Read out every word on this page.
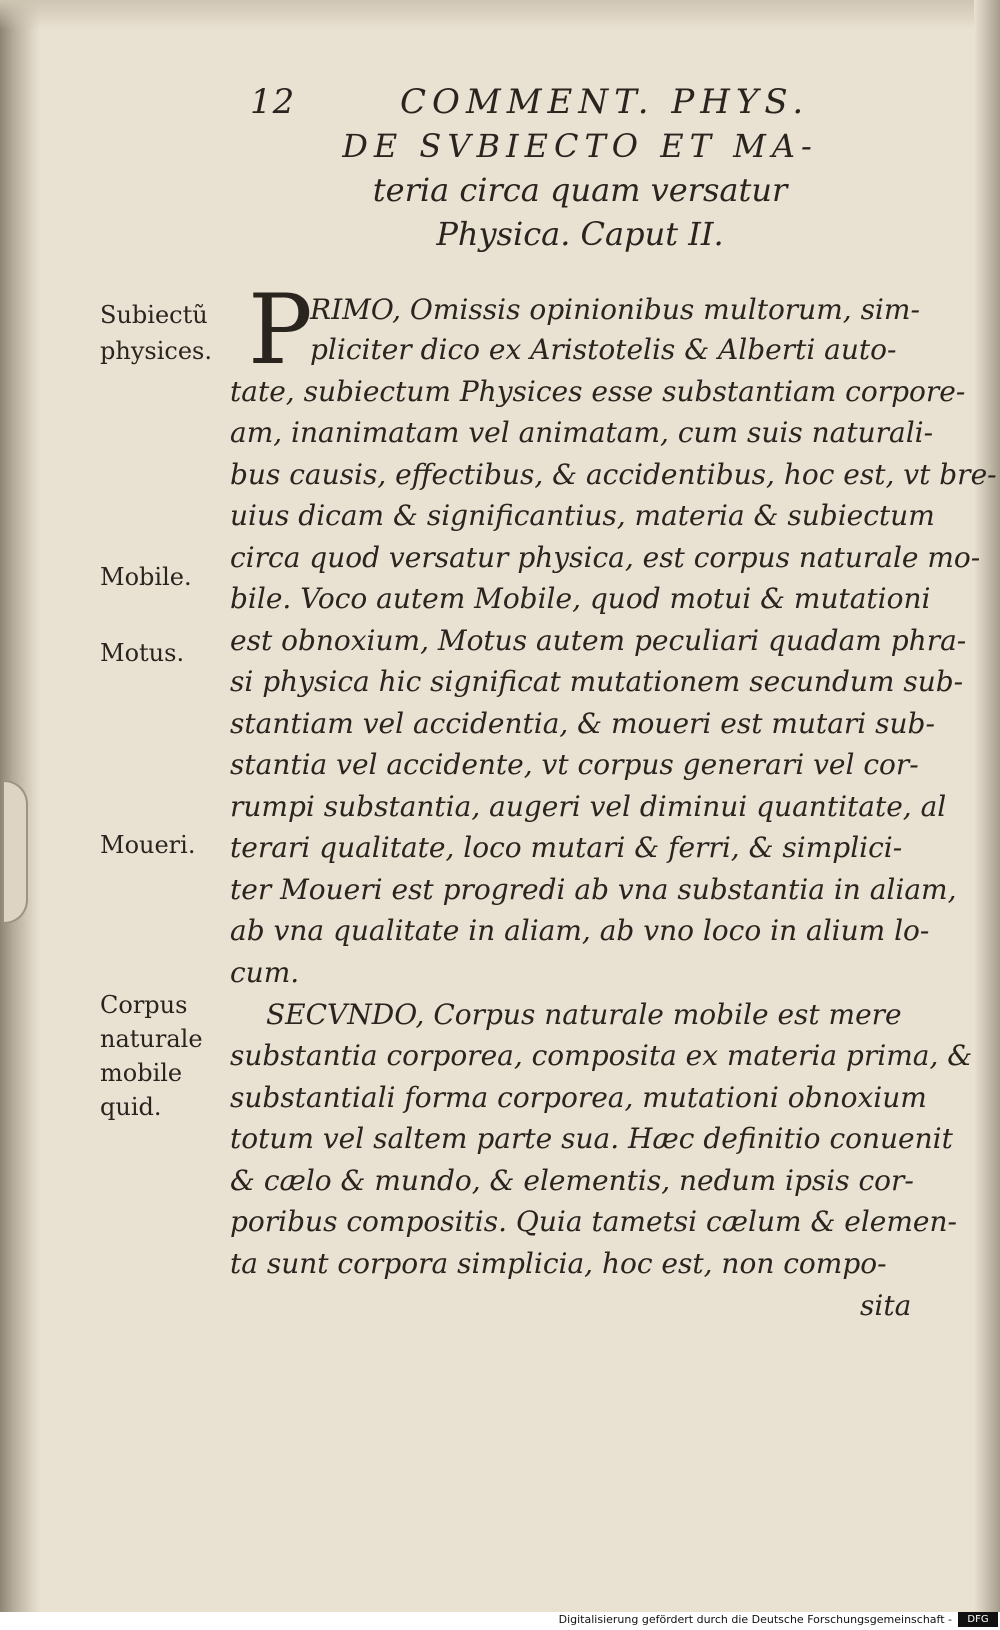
12	COMMENT. PHYS.
DE SVBIECTO ET MA-
teria circa quam versatur
Physica. Caput II.
Subiectũ
physices.
Mobile.
Motus.
Moueri.
Corpus
naturale
mobile
quid.
P
RIMO, Omissis opinionibus multorum, sim-
pliciter dico ex Aristotelis & Alberti auto-
tate, subiectum Physices esse substantiam corpore-
am, inanimatam vel animatam, cum suis naturali-
bus causis, effectibus, & accidentibus, hoc est, vt bre-
uius dicam & significantius, materia & subiectum
circa quod versatur physica, est corpus naturale mo-
bile. Voco autem Mobile, quod motui & mutationi
est obnoxium, Motus autem peculiari quadam phra-
si physica hic significat mutationem secundum sub-
stantiam vel accidentia, & moueri est mutari sub-
stantia vel accidente, vt corpus generari vel cor-
rumpi substantia, augeri vel diminui quantitate, al
terari qualitate, loco mutari & ferri, & simplici-
ter Moueri est progredi ab vna substantia in aliam,
ab vna qualitate in aliam, ab vno loco in alium lo-
cum.
SECVNDO, Corpus naturale mobile est mere
substantia corporea, composita ex materia prima, &
substantiali forma corporea, mutationi obnoxium
totum vel saltem parte sua. Hæc definitio conuenit
& cælo & mundo, & elementis, nedum ipsis cor-
poribus compositis. Quia tametsi cælum & elemen-
ta sunt corpora simplicia, hoc est, non compo-
sita
Digitalisierung gefördert durch die Deutsche Forschungsgemeinschaft -	DFG
